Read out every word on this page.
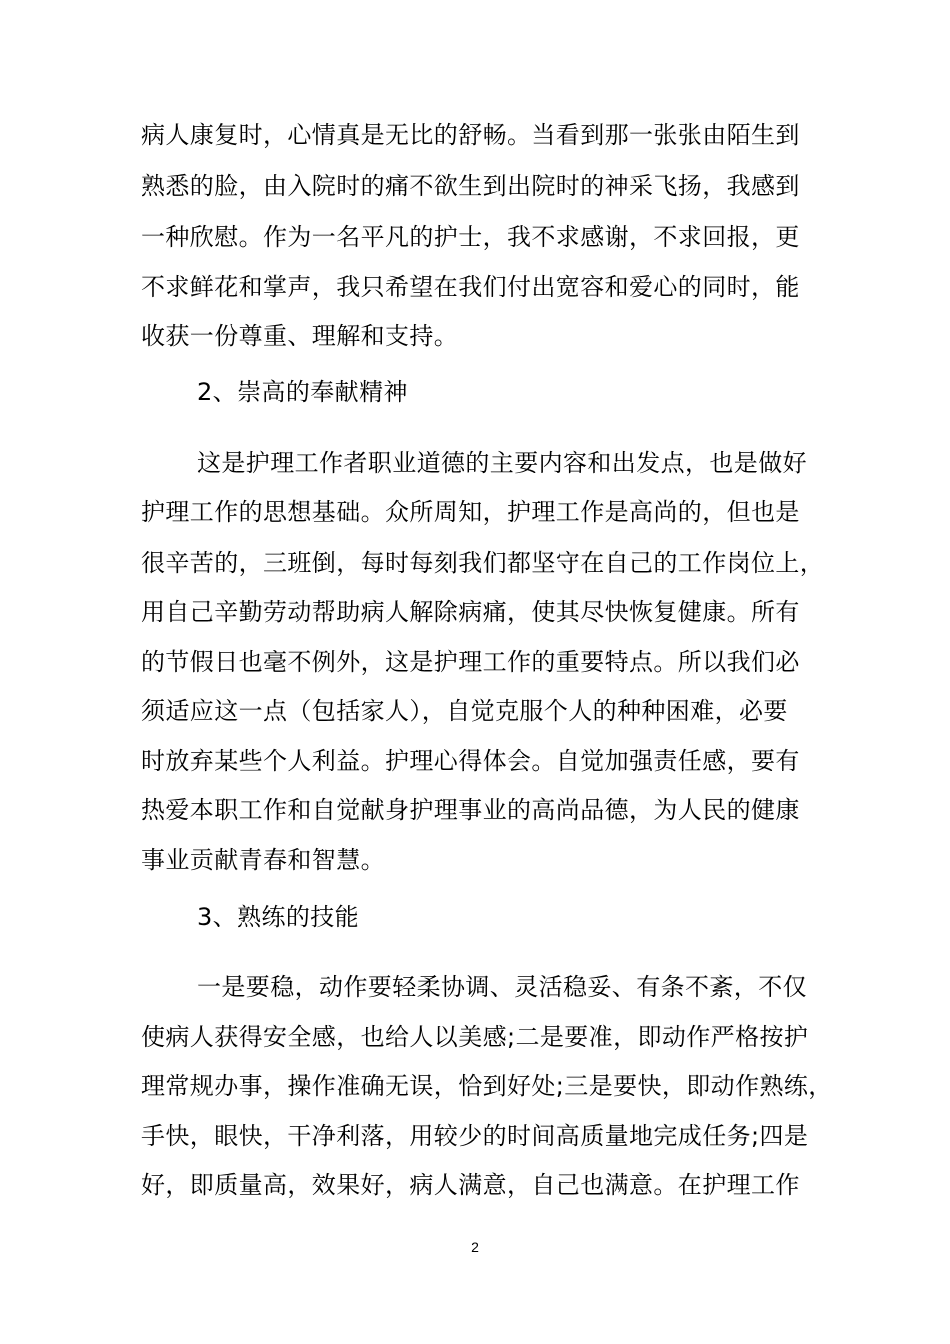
病人康复时，心情真是无比的舒畅。当看到那一张张由陌生到
熟悉的脸，由入院时的痛不欲生到出院时的神采飞扬，我感到
一种欣慰。作为一名平凡的护士，我不求感谢，不求回报，更
不求鲜花和掌声，我只希望在我们付出宽容和爱心的同时，能
收获一份尊重、理解和支持。
2、崇高的奉献精神
这是护理工作者职业道德的主要内容和出发点，也是做好
护理工作的思想基础。众所周知，护理工作是高尚的，但也是
很辛苦的，三班倒，每时每刻我们都坚守在自己的工作岗位上，
用自己辛勤劳动帮助病人解除病痛，使其尽快恢复健康。所有
的节假日也毫不例外，这是护理工作的重要特点。所以我们必
须适应这一点（包括家人），自觉克服个人的种种困难，必要
时放弃某些个人利益。护理心得体会。自觉加强责任感，要有
热爱本职工作和自觉献身护理事业的高尚品德，为人民的健康
事业贡献青春和智慧。
3、熟练的技能
一是要稳，动作要轻柔协调、灵活稳妥、有条不紊，不仅
使病人获得安全感，也给人以美感;二是要准，即动作严格按护
理常规办事，操作准确无误，恰到好处;三是要快，即动作熟练，
手快，眼快，干净利落，用较少的时间高质量地完成任务;四是
好，即质量高，效果好，病人满意，自己也满意。在护理工作
2
